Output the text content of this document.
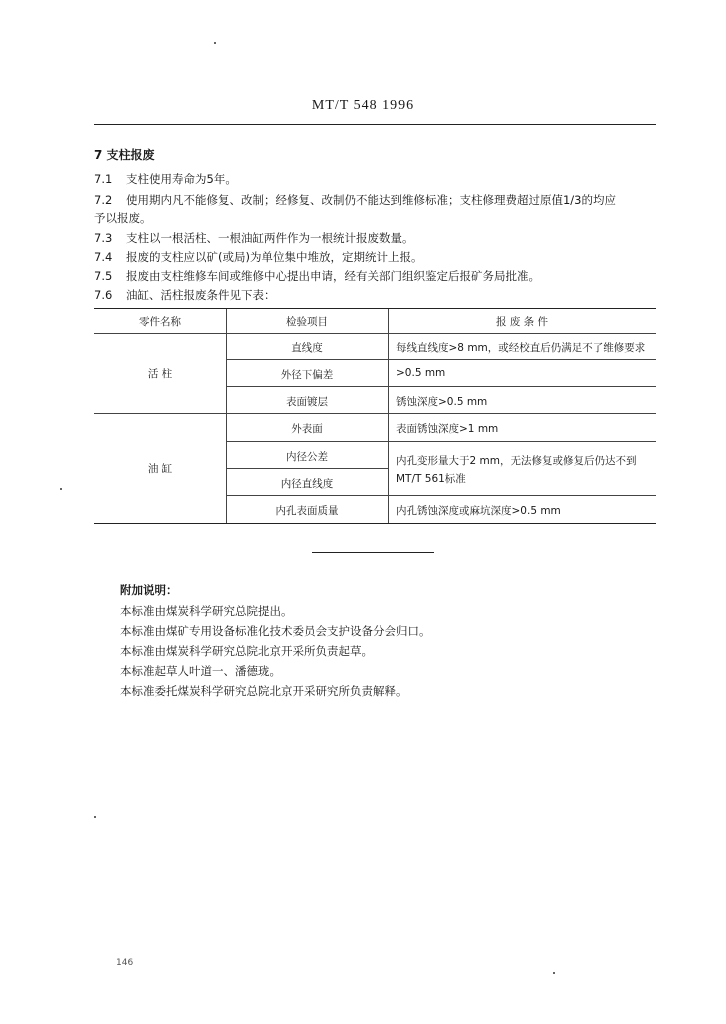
MT/T 548 1996
7 支柱报废
7.1 支柱使用寿命为5年。
7.2 使用期内凡不能修复、改制；经修复、改制仍不能达到维修标准；支柱修理费超过原值1/3的均应
予以报废。
7.3 支柱以一根活柱、一根油缸两件作为一根统计报废数量。
7.4 报废的支柱应以矿(或局)为单位集中堆放，定期统计上报。
7.5 报废由支柱维修车间或维修中心提出申请，经有关部门组织鉴定后报矿务局批准。
7.6 油缸、活柱报废条件见下表：
零件名称	检验项目	报 废 条 件
活 柱
油 缸
直线度
外径下偏差
表面镀层
外表面
内径公差
内径直线度
内孔表面质量
每线直线度>8 mm，或经校直后仍满足不了维修要求
>0.5 mm
锈蚀深度>0.5 mm
表面锈蚀深度>1 mm
内孔变形量大于2 mm，无法修复或修复后仍达不到
MT/T 561标准
内孔锈蚀深度或麻坑深度>0.5 mm
附加说明：
本标准由煤炭科学研究总院提出。
本标准由煤矿专用设备标准化技术委员会支护设备分会归口。
本标准由煤炭科学研究总院北京开采所负责起草。
本标准起草人叶道一、潘德珑。
本标准委托煤炭科学研究总院北京开采研究所负责解释。
146
